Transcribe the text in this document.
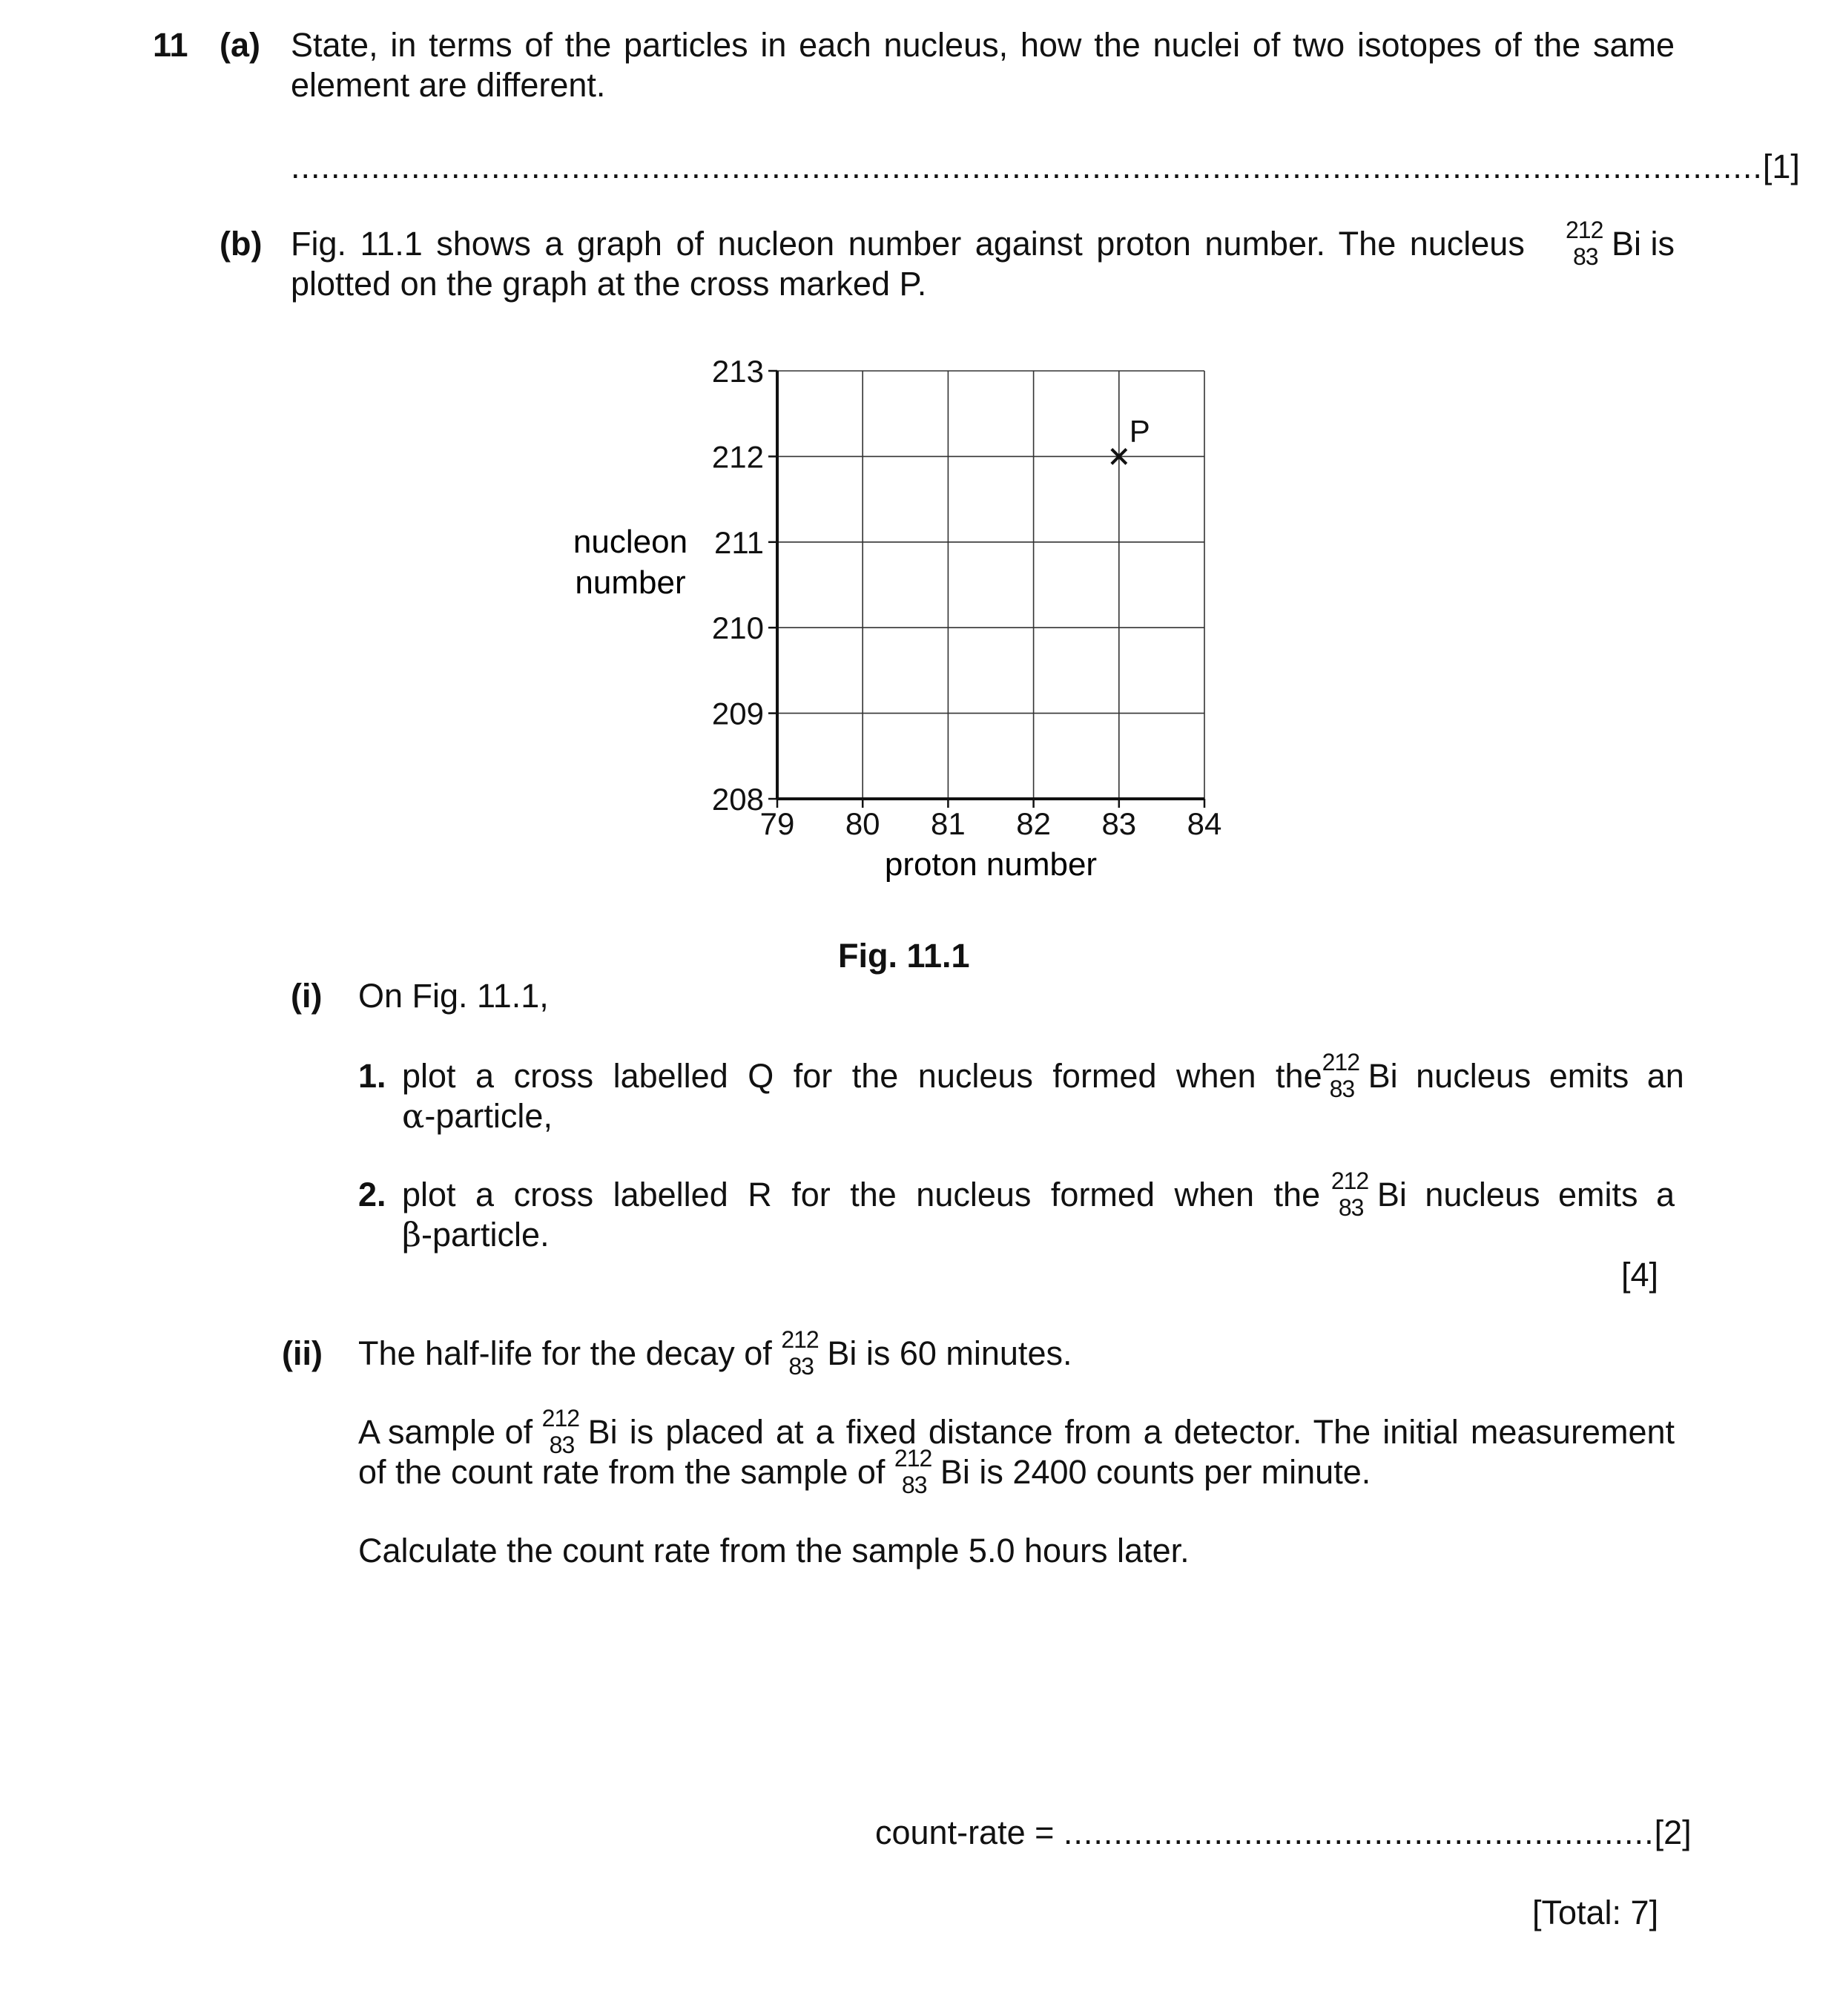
11 (a) State, in terms of the particles in each nucleus, how the nuclei of two isotopes of the same
element are different.
...................................................................................................................................................[1]
(b) Fig. 11.1 shows a graph of nucleon number against proton number. The nucleus 212
83 Bi is
plotted on the graph at the cross marked P.
208
209
210
211
212
213
79 80 81 82 83 84
P
nucleon
number
proton number
Fig. 11.1
(i) On Fig. 11.1,
1. plot a cross labelled Q for the nucleus formed when the 212
83 Bi nucleus emits an
α-particle,
2. plot a cross labelled R for the nucleus formed when the 212
83 Bi nucleus emits a
β-particle.
[4]
(ii) The half-life for the decay of 212
83 Bi is 60 minutes.
A sample of 212
83 Bi is placed at a fixed distance from a detector. The initial measurement
of the count rate from the sample of 212
83 Bi is 2400 counts per minute.
Calculate the count rate from the sample 5.0 hours later.
count-rate = ...........................................................[2]
[Total: 7]
